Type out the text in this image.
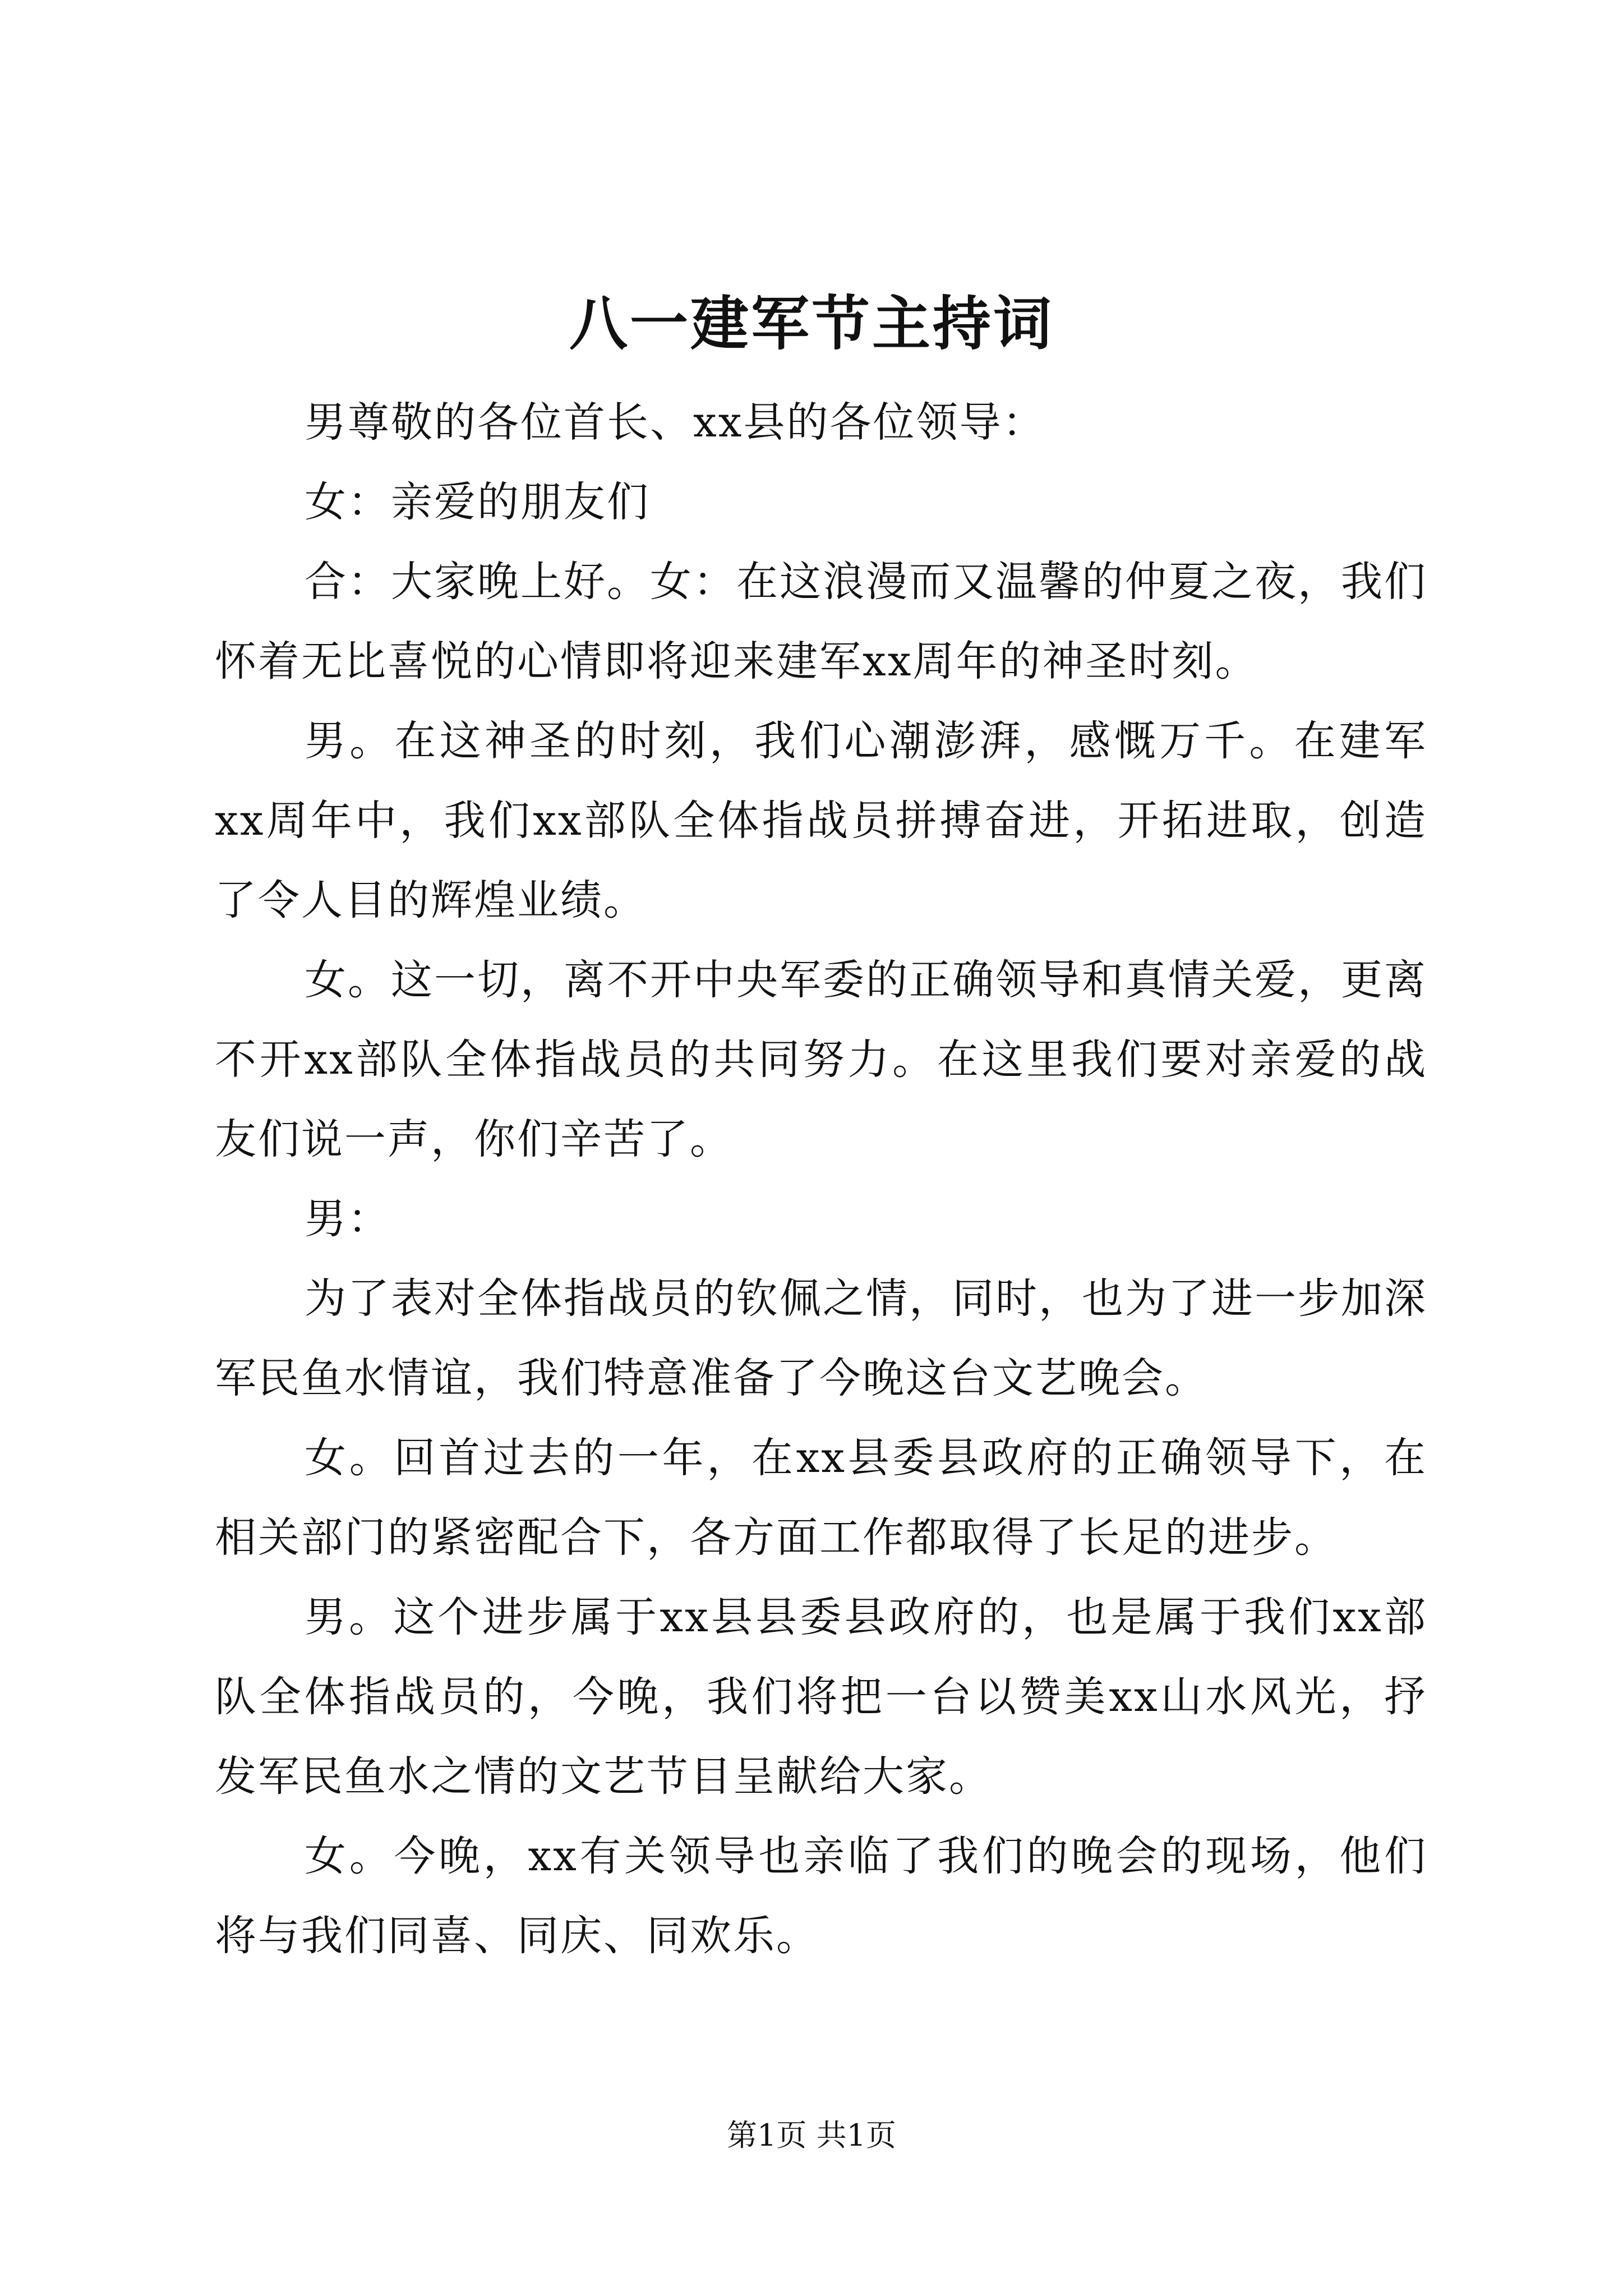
八一建军节主持词

男尊敬的各位首长、xx县的各位领导：

女：亲爱的朋友们

合：大家晚上好。女：在这浪漫而又温馨的仲夏之夜，我们怀着无比喜悦的心情即将迎来建军xx周年的神圣时刻。

男。在这神圣的时刻，我们心潮澎湃，感慨万千。在建军xx周年中，我们xx部队全体指战员拼搏奋进，开拓进取，创造了令人目的辉煌业绩。

女。这一切，离不开中央军委的正确领导和真情关爱，更离不开xx部队全体指战员的共同努力。在这里我们要对亲爱的战友们说一声，你们辛苦了。

男：

为了表对全体指战员的钦佩之情，同时，也为了进一步加深军民鱼水情谊，我们特意准备了今晚这台文艺晚会。

女。回首过去的一年，在xx县委县政府的正确领导下，在相关部门的紧密配合下，各方面工作都取得了长足的进步。

男。这个进步属于xx县县委县政府的，也是属于我们xx部队全体指战员的，今晚，我们将把一台以赞美xx山水风光，抒发军民鱼水之情的文艺节目呈献给大家。

女。今晚，xx有关领导也亲临了我们的晚会的现场，他们将与我们同喜、同庆、同欢乐。

第1页 共1页
